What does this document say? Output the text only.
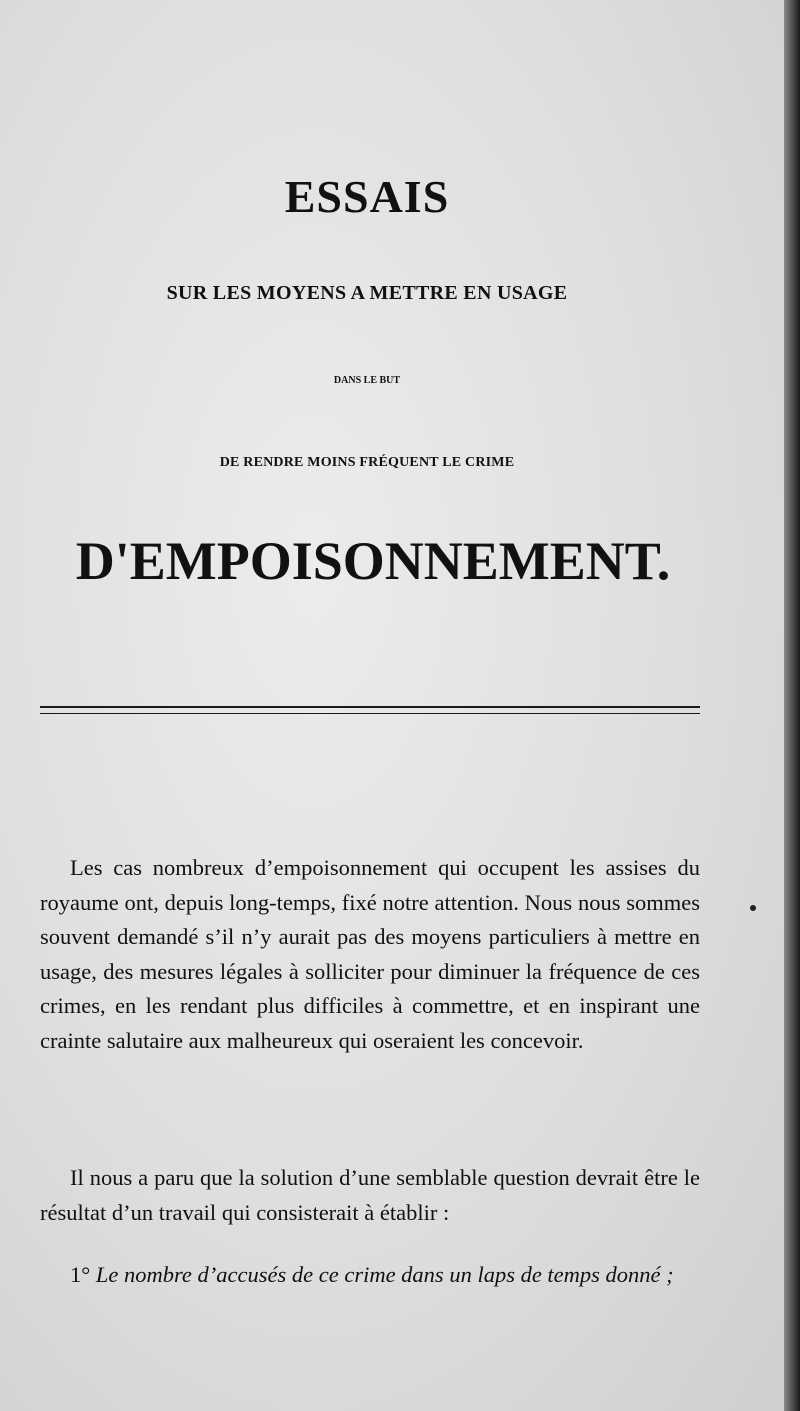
ESSAIS
SUR LES MOYENS A METTRE EN USAGE
DANS LE BUT
DE RENDRE MOINS FRÉQUENT LE CRIME
D'EMPOISONNEMENT.

Les cas nombreux d’empoisonnement qui occupent les assises du royaume ont, depuis long-temps, fixé notre attention. Nous nous sommes souvent demandé s’il n’y aurait pas des moyens particuliers à mettre en usage, des mesures légales à solliciter pour diminuer la fréquence de ces crimes, en les rendant plus difficiles à commettre, et en inspirant une crainte salutaire aux malheureux qui oseraient les concevoir.

Il nous a paru que la solution d’une semblable question devrait être le résultat d’un travail qui consisterait à établir :

1° Le nombre d’accusés de ce crime dans un laps de temps donné ;
